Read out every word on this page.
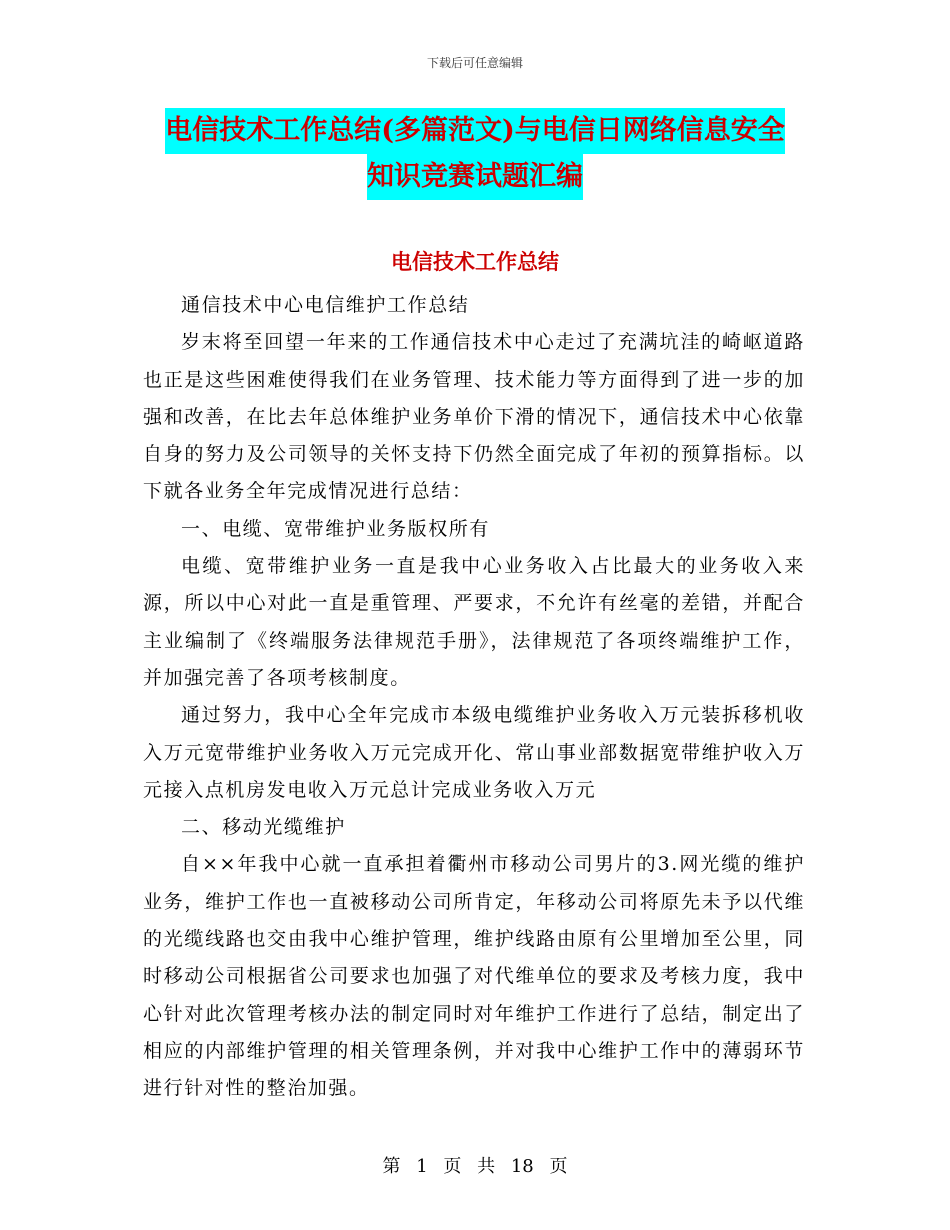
下载后可任意编辑
电信技术工作总结(多篇范文)与电信日网络信息安全
知识竞赛试题汇编
电信技术工作总结

通信技术中心电信维护工作总结

岁末将至回望一年来的工作通信技术中心走过了充满坑洼的崎岖道路也正是这些困难使得我们在业务管理、技术能力等方面得到了进一步的加强和改善，在比去年总体维护业务单价下滑的情况下，通信技术中心依靠自身的努力及公司领导的关怀支持下仍然全面完成了年初的预算指标。以下就各业务全年完成情况进行总结：

一、电缆、宽带维护业务版权所有

电缆、宽带维护业务一直是我中心业务收入占比最大的业务收入来源，所以中心对此一直是重管理、严要求，不允许有丝毫的差错，并配合主业编制了《终端服务法律规范手册》，法律规范了各项终端维护工作，并加强完善了各项考核制度。

通过努力，我中心全年完成市本级电缆维护业务收入万元装拆移机收入万元宽带维护业务收入万元完成开化、常山事业部数据宽带维护收入万元接入点机房发电收入万元总计完成业务收入万元

二、移动光缆维护

自××年我中心就一直承担着衢州市移动公司男片的3.网光缆的维护业务，维护工作也一直被移动公司所肯定，年移动公司将原先未予以代维的光缆线路也交由我中心维护管理，维护线路由原有公里增加至公里，同时移动公司根据省公司要求也加强了对代维单位的要求及考核力度，我中心针对此次管理考核办法的制定同时对年维护工作进行了总结，制定出了相应的内部维护管理的相关管理条例，并对我中心维护工作中的薄弱环节进行针对性的整治加强。

第 1 页 共 18 页
